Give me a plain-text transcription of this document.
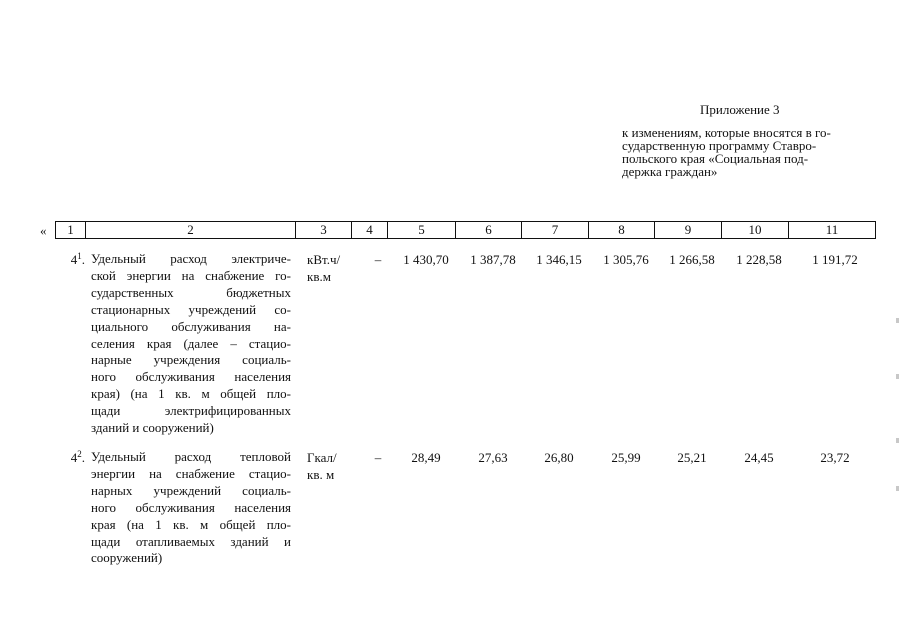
Приложение 3
к изменениям, которые вносятся в го-
сударственную программу Ставро-
польского края «Социальная под-
держка граждан»
« 1	2	3	4	5	6	7	8	9	10	11
$4^1$. Удельный расход электриче-
ской энергии на снабжение го-
сударственных бюджетных
стационарных учреждений со-
циального обслуживания на-
селения края (далее – стацио-
нарные учреждения социаль-
ного обслуживания населения
края) (на 1 кв. м общей пло-
щади электрифицированных
зданий и сооружений)
кВт.ч/
кв.м
–	1 430,70	1 387,78	1 346,15	1 305,76	1 266,58	1 228,58	1 191,72
$4^2$. Удельный расход тепловой
энергии на снабжение стацио-
нарных учреждений социаль-
ного обслуживания населения
края (на 1 кв. м общей пло-
щади отапливаемых зданий и
сооружений)
Гкал/
кв. м
–	28,49	27,63	26,80	25,99	25,21	24,45	23,72
